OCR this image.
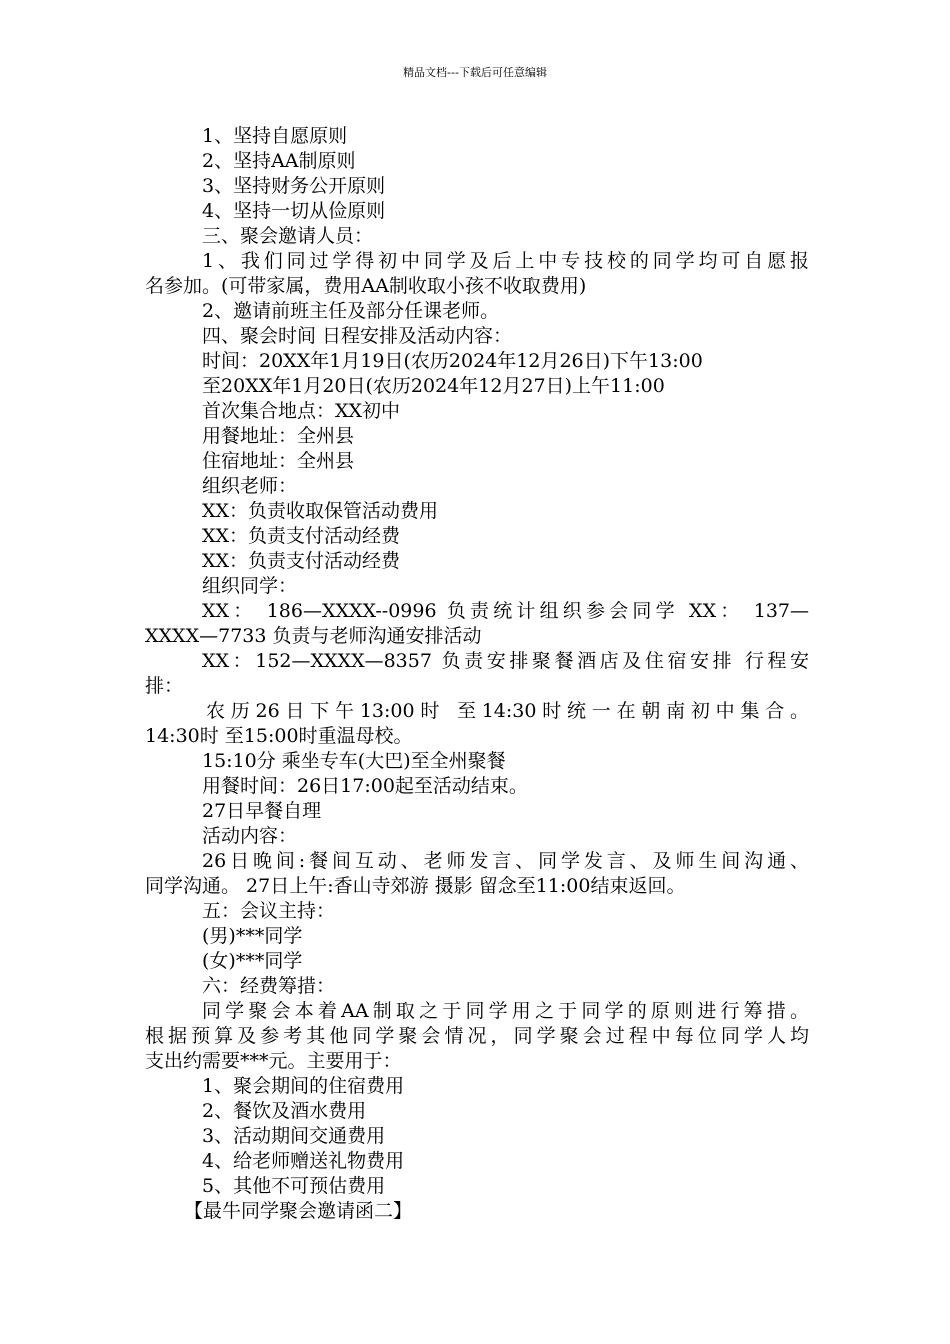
精品文档---下载后可任意编辑
1、坚持自愿原则
2、坚持AA制原则
3、坚持财务公开原则
4、坚持一切从俭原则
三、聚会邀请人员：
1、我们同过学得初中同学及后上中专技校的同学均可自愿报
名参加。(可带家属，费用AA制收取小孩不收取费用)
2、邀请前班主任及部分任课老师。
四、聚会时间 日程安排及活动内容：
时间：20XX年1月19日(农历2024年12月26日)下午13:00
至20XX年1月20日(农历2024年12月27日)上午11:00
首次集合地点：XX初中
用餐地址：全州县
住宿地址：全州县
组织老师：
XX：负责收取保管活动费用
XX：负责支付活动经费
XX：负责支付活动经费
组织同学：
XX： 186—XXXX--0996 负责统计组织参会同学 XX： 137—
XXXX—7733 负责与老师沟通安排活动
XX：152—XXXX—8357 负责安排聚餐酒店及住宿安排 行程安
排：
农历26日下午13:00时 至14:30时统一在朝南初中集合。
14:30时 至15:00时重温母校。
15:10分 乘坐专车(大巴)至全州聚餐
用餐时间：26日17:00起至活动结束。
27日早餐自理
活动内容：
26日晚间:餐间互动、老师发言、同学发言、及师生间沟通、
同学沟通。 27日上午:香山寺郊游 摄影 留念至11:00结束返回。
五：会议主持：
(男)***同学
(女)***同学
六：经费筹措：
同学聚会本着AA制取之于同学用之于同学的原则进行筹措。
根据预算及参考其他同学聚会情况，同学聚会过程中每位同学人均
支出约需要***元。主要用于：
1、聚会期间的住宿费用
2、餐饮及酒水费用
3、活动期间交通费用
4、给老师赠送礼物费用
5、其他不可预估费用
【最牛同学聚会邀请函二】
